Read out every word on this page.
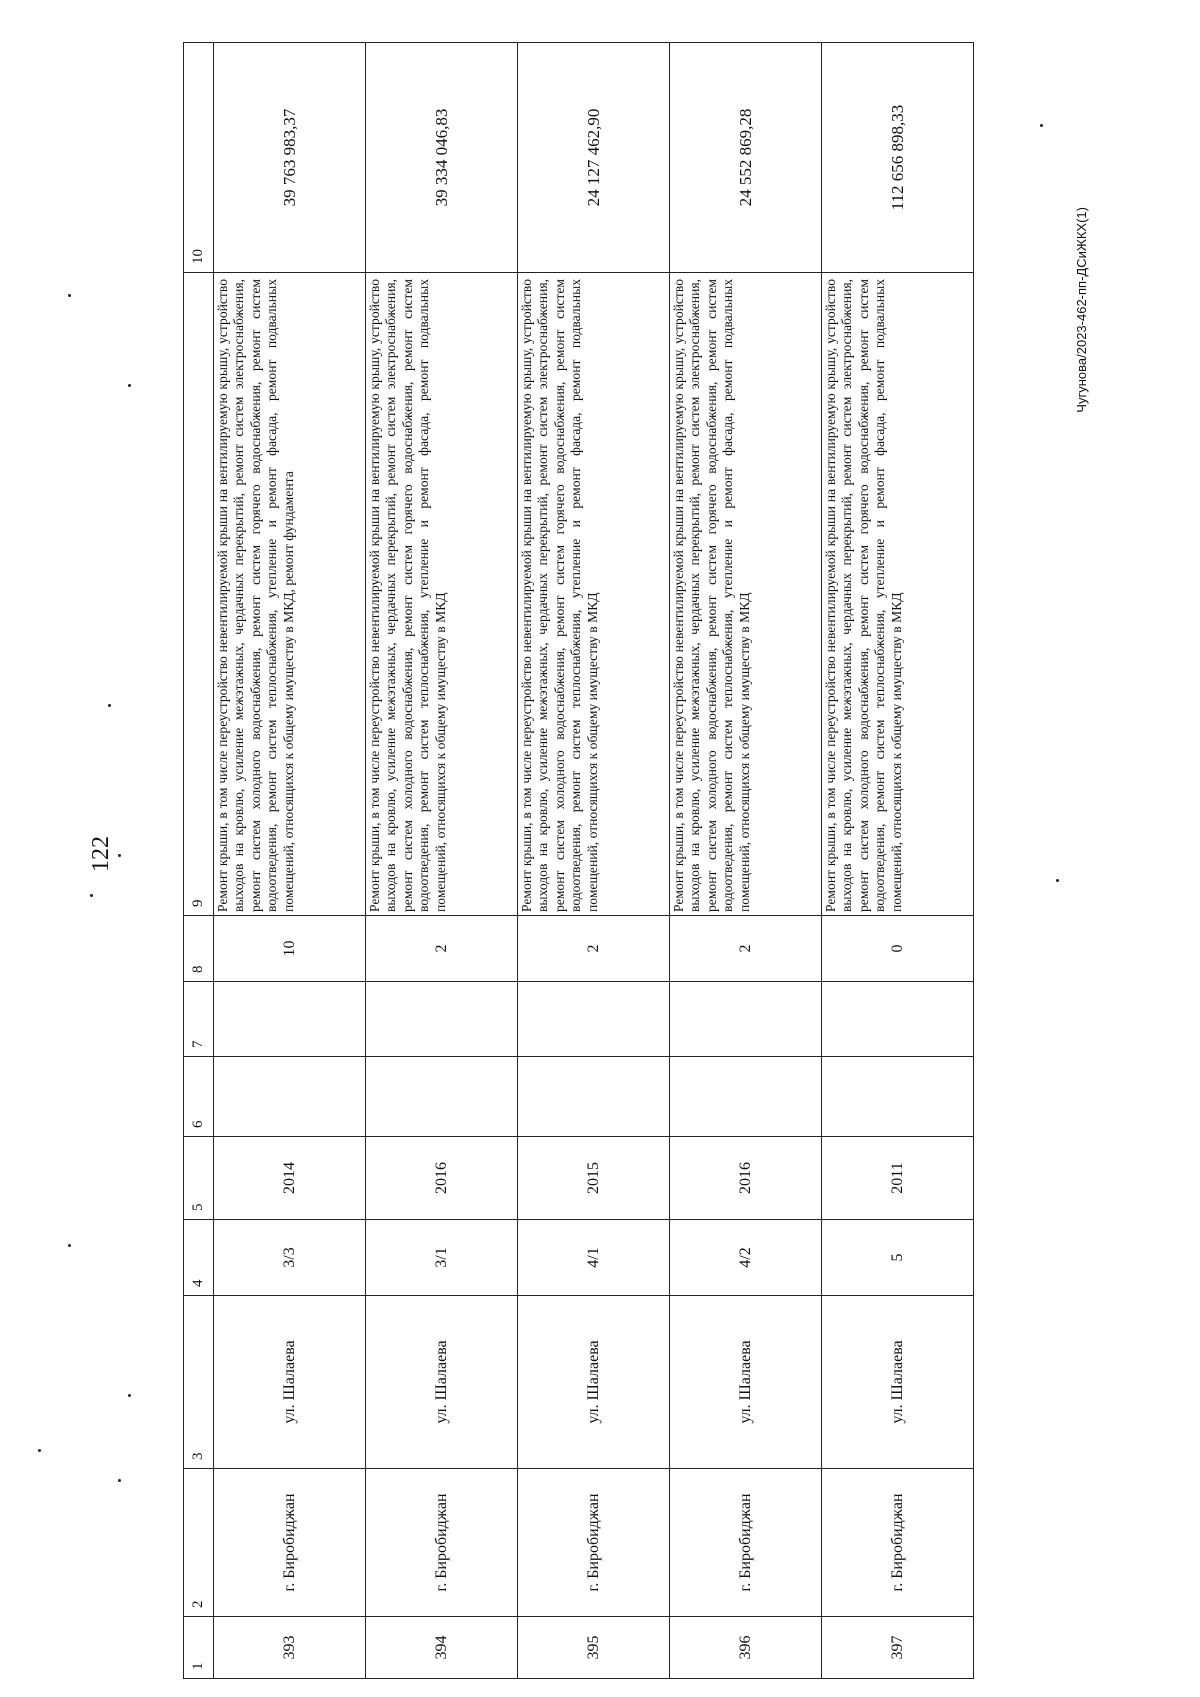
122
1	2	3	4	5	6	7	8	9	10
393	г. Биробиджан	ул. Шалаева	3/3	2014			10	Ремонт крыши, в том числе переустройство невентилируемой крыши на вентилируемую крышу, устройство выходов на кровлю, усиление межэтажных, чердачных перекрытий, ремонт систем электроснабжения, ремонт систем холодного водоснабжения, ремонт систем горячего водоснабжения, ремонт систем водоотведения, ремонт систем теплоснабжения, утепление и ремонт фасада, ремонт подвальных помещений, относящихся к общему имуществу в МКД, ремонт фундамента	39 763 983,37
394	г. Биробиджан	ул. Шалаева	3/1	2016			2	Ремонт крыши, в том числе переустройство невентилируемой крыши на вентилируемую крышу, устройство выходов на кровлю, усиление межэтажных, чердачных перекрытий, ремонт систем электроснабжения, ремонт систем холодного водоснабжения, ремонт систем горячего водоснабжения, ремонт систем водоотведения, ремонт систем теплоснабжения, утепление и ремонт фасада, ремонт подвальных помещений, относящихся к общему имуществу в МКД	39 334 046,83
395	г. Биробиджан	ул. Шалаева	4/1	2015			2	Ремонт крыши, в том числе переустройство невентилируемой крыши на вентилируемую крышу, устройство выходов на кровлю, усиление межэтажных, чердачных перекрытий, ремонт систем электроснабжения, ремонт систем холодного водоснабжения, ремонт систем горячего водоснабжения, ремонт систем водоотведения, ремонт систем теплоснабжения, утепление и ремонт фасада, ремонт подвальных помещений, относящихся к общему имуществу в МКД	24 127 462,90
396	г. Биробиджан	ул. Шалаева	4/2	2016			2	Ремонт крыши, в том числе переустройство невентилируемой крыши на вентилируемую крышу, устройство выходов на кровлю, усиление межэтажных, чердачных перекрытий, ремонт систем электроснабжения, ремонт систем холодного водоснабжения, ремонт систем горячего водоснабжения, ремонт систем водоотведения, ремонт систем теплоснабжения, утепление и ремонт фасада, ремонт подвальных помещений, относящихся к общему имуществу в МКД	24 552 869,28
397	г. Биробиджан	ул. Шалаева	5	2011			0	Ремонт крыши, в том числе переустройство невентилируемой крыши на вентилируемую крышу, устройство выходов на кровлю, усиление межэтажных, чердачных перекрытий, ремонт систем электроснабжения, ремонт систем холодного водоснабжения, ремонт систем горячего водоснабжения, ремонт систем водоотведения, ремонт систем теплоснабжения, утепление и ремонт фасада, ремонт подвальных помещений, относящихся к общему имуществу в МКД	112 656 898,33
Чугунова/2023-462-пп-ДСиЖКХ(1)
